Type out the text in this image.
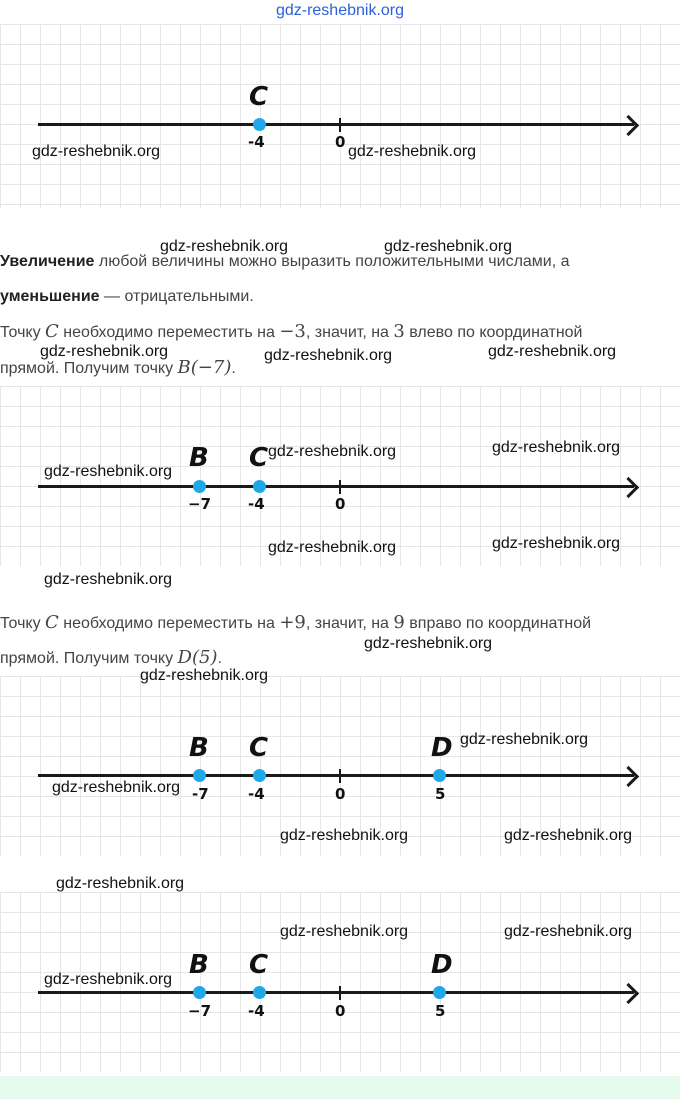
gdz-reshebnik.org
0
C
-4
Увеличение любой величины можно выразить положительными числами, а
уменьшение — отрицательными.
Точку C необходимо переместить на −3, значит, на 3 влево по координатной
прямой. Получим точку B(−7).
0
B
−7
C
-4
Точку C необходимо переместить на +9, значит, на 9 вправо по координатной
прямой. Получим точку D(5).
0
B
-7
C
-4
D
5
0
B
−7
C
-4
D
5
gdz-reshebnik.org	gdz-reshebnik.org
gdz-reshebnik.org	gdz-reshebnik.org
gdz-reshebnik.org	gdz-reshebnik.org	gdz-reshebnik.org
gdz-reshebnik.org	gdz-reshebnik.org
gdz-reshebnik.org
gdz-reshebnik.org	gdz-reshebnik.org
gdz-reshebnik.org
gdz-reshebnik.org
gdz-reshebnik.org
gdz-reshebnik.org
gdz-reshebnik.org
gdz-reshebnik.org	gdz-reshebnik.org
gdz-reshebnik.org
gdz-reshebnik.org	gdz-reshebnik.org
gdz-reshebnik.org
